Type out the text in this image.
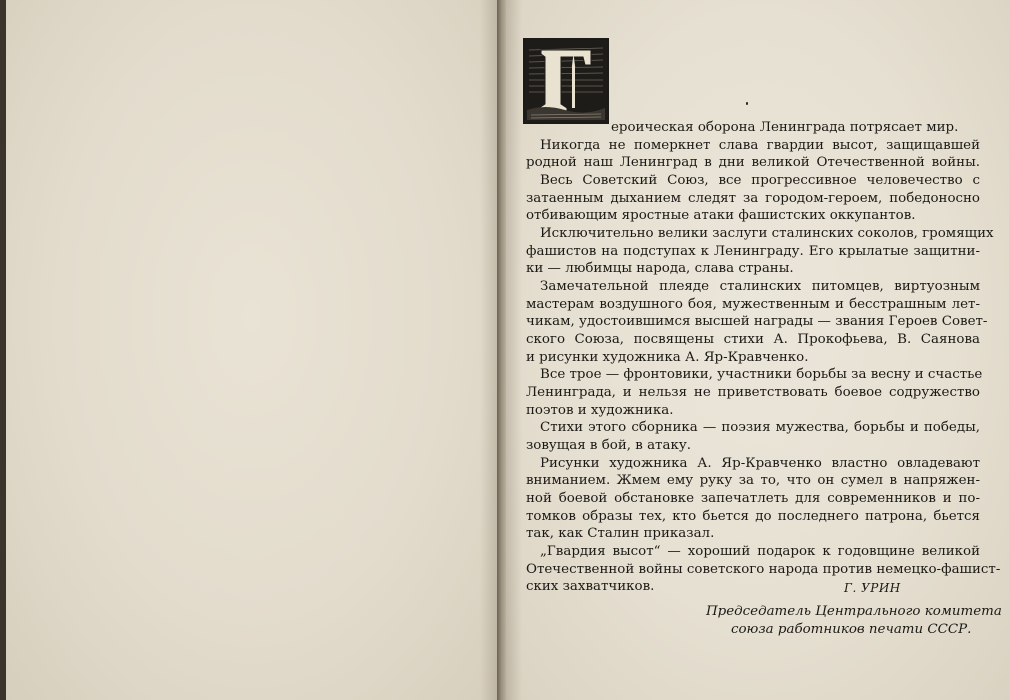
ероическая оборона Ленинграда потрясает мир.
Никогда не померкнет слава гвардии высот, защищавшей
родной наш Ленинград в дни великой Отечественной войны.
Весь Советский Союз, все прогрессивное человечество с
затаенным дыханием следят за городом-героем, победоносно
отбивающим яростные атаки фашистских оккупантов.
Исключительно велики заслуги сталинских соколов, громящих
фашистов на подступах к Ленинграду. Его крылатые защитни-
ки — любимцы народа, слава страны.
Замечательной плеяде сталинских питомцев, виртуозным
мастерам воздушного боя, мужественным и бесстрашным лет-
чикам, удостоившимся высшей награды — звания Героев Совет-
ского Союза, посвящены стихи А. Прокофьева, В. Саянова
и рисунки художника А. Яр-Кравченко.
Все трое — фронтовики, участники борьбы за весну и счастье
Ленинграда, и нельзя не приветствовать боевое содружество
поэтов и художника.
Стихи этого сборника — поэзия мужества, борьбы и победы,
зовущая в бой, в атаку.
Рисунки художника А. Яр-Кравченко властно овладевают
вниманием. Жмем ему руку за то, что он сумел в напряжен-
ной боевой обстановке запечатлеть для современников и по-
томков образы тех, кто бьется до последнего патрона, бьется
так, как Сталин приказал.
„Гвардия высот“ — хороший подарок к годовщине великой
Отечественной войны советского народа против немецко-фашист-
ских захватчиков.	Г. УРИН
Председатель Центрального комитета
союза работников печати СССР.
